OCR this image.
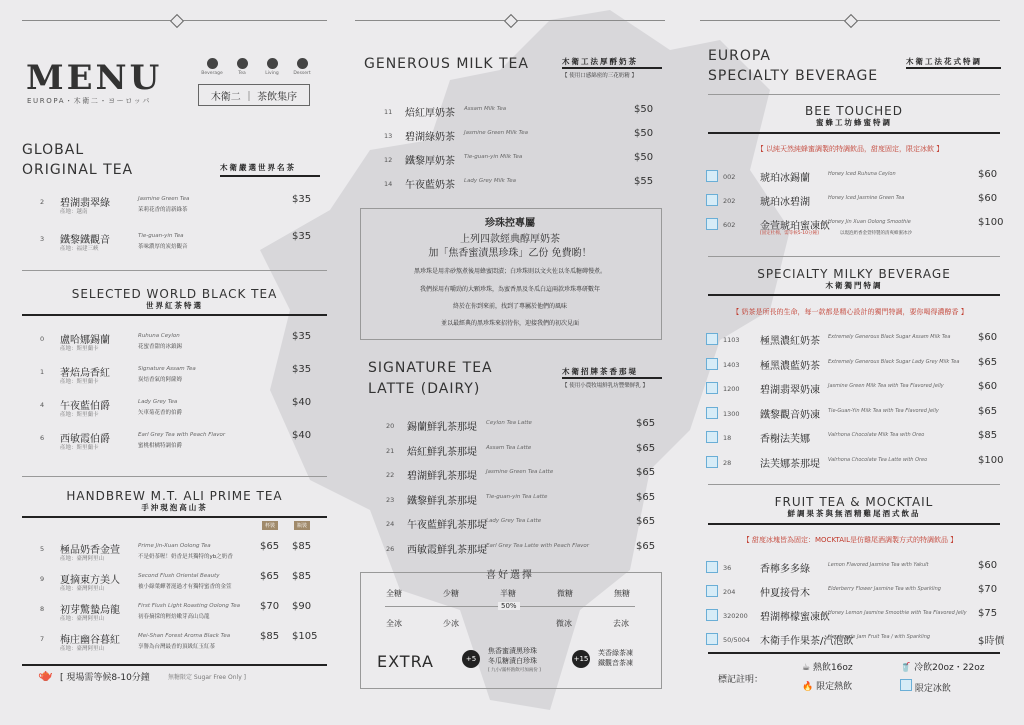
MENU
EUROPA・木衛二・ヨーロッパ
Beverage	Tea	Living	Dessert
木衛二 ｜ 茶飲集序
GLOBAL
ORIGINAL TEA	木衛嚴選世界名茶
2	碧湖翡翠綠
產地：越南
Jasmine Green Tea
茉莉花香的清新綠茶
$35
3	鐵黎鐵觀音
產地：福建三峽
Tie-guan-yin Tea
茶味濃厚的炭焙觀音
$35
SELECTED WORLD BLACK TEA
世界紅茶特選
0	盧哈娜錫蘭
產地：斯里蘭卡
Ruhuna Ceylon
花蜜香甜的冰鎮錫
$35
1	著焙烏香紅
產地：斯里蘭卡
Signature Assam Tea
炭焙香氣的阿薩姆
$35
4	午夜藍伯爵
產地：斯里蘭卡
Lady Grey Tea
矢車菊花香的伯爵
$40
6	西敏霞伯爵
產地：斯里蘭卡
Earl Grey Tea with Peach Flavor
蜜桃柑橘特調伯爵
$40
HANDBREW M.T. ALI PRIME TEA
手沖現泡高山茶
杯裝	瓶裝
5	極品奶香金萱
產地：臺灣阿里山
Prime Jin-Xuan Oolong Tea
不是奶茶喔！奶香是其獨特的yb之奶香
$65 $85
9	夏摘東方美人
產地：臺灣阿里山
Second Flush Oriental Beauty
被小綠葉蟬著涎過才有獨特蜜香的金萱
$65 $85
8	初芽驚蟄烏龍
產地：臺灣阿里山
First Flush Light Roasting Oolong Tea
初春摘採的輕焙嫩芽高山烏龍
$70 $90
7	梅庄幽谷暮紅
產地：臺灣阿里山
Mei-Shan Forest Aroma Black Tea
享譽為台灣最香的頂級紅玉紅茶
$85 $105
🫖 [ 現場需等候8-10分鐘	無糖限定 Sugar Free Only ]
GENEROUS MILK TEA	木衛工法厚酹奶茶
【 使用口感綿密的三花奶精 】
11	焙紅厚奶茶 Assam Milk Tea	$50
13	碧湖綠奶茶 Jasmine Green Milk Tea	$50
12	鐵黎厚奶茶 Tie-guan-yin Milk Tea	$50
14	午夜藍奶茶 Lady Grey Milk Tea	$55
珍珠控專屬
上列四款經典醇厚奶茶
加「焦香蜜漬黑珍珠」乙份 免費喲！
黑珍珠是用赤砂熬煮後用蜂蜜悶漬；白珍珠則以文火佐以冬瓜糖磚慢煮。
我們採用有嚼勁的大顆珍珠，為蜜香黑及冬瓜白這兩款珍珠專研數年
終於在你到來前，找到了專屬於他們的風味
並以最經典的黑珍珠來招待你，迎接我們的初次見面
SIGNATURE TEA
LATTE (DAIRY)
木衛招牌茶香那堤
【 使用小農牧場鮮乳坊豐樂鮮乳 】
20	錫蘭鮮乳茶那堤 Ceylon Tea Latte	$65
21	焙紅鮮乳茶那堤 Assam Tea Latte	$65
22	碧湖鮮乳茶那堤 Jasmine Green Tea Latte	$65
23	鐵黎鮮乳茶那堤 Tie-guan-yin Tea Latte	$65
24	午夜藍鮮乳茶那堤 Lady Grey Tea Latte	$65
26	西敏霞鮮乳茶那堤 Earl Grey Tea Latte with Peach Flavor	$65
喜好選擇
全糖	少糖	半糖	微糖	無糖
50%
全冰	少冰	微冰	去冰
EXTRA	+5
焦香蜜漬黑珍珠
冬瓜糖漬白珍珠
[ 九小/滿杯熱飲可加兩份 ]
+15
芙香綠茶凍
鐵觀音茶凍
EUROPA
SPECIALTY BEVERAGE
木衛工法花式特調
BEE TOUCHED
蜜蜂工坊蜂蜜特調
【 以純天然純蜂蜜調製的特調飲品，甜度固定，限定冰飲 】
002	琥珀冰錫蘭	Honey Iced Ruhuna Ceylon	$60
202	琥珀冰碧湖	Honey Iced Jasmine Green Tea	$60
602	金萱琥珀蜜凍飲
Honey Jin Xuan Oolong Smoothie
[固定杜棉，需等候5-10分鐘]	以現泡奶香金萱特製的清爽蜂蜜冰沙
$100
SPECIALTY MILKY BEVERAGE
木衛獨門特調
【 奶茶是所長的生命，每一款都是精心設計的獨門特調，要你喝得濃醇香 】
1103	極黑濃紅奶茶 Extremely Generous Black Sugar Assam Milk Tea	$60
1403	極黑濃藍奶茶 Extremely Generous Black Sugar Lady Grey Milk Tea $65
1200	碧湖翡翠奶凍 Jasmine Green Milk Tea with Tea Flavored Jelly	$60
1300	鐵黎觀音奶凍 Tie-Guan-Yin Milk Tea with Tea Flavored Jelly	$65
18	香榭法芙娜	Valrhona Chocolate Milk Tea with Oreo	$85
28	法芙娜茶那堤 Valrhona Chocolate Tea Latte with Oreo	$100
FRUIT TEA & MOCKTAIL
鮮調果茶與無酒精雞尾酒式飲品
【 甜度冰塊皆為固定：MOCKTAIL是仿雞尾酒調製方式的特調飲品 】
36	香檸多多綠	Lemon Flavored Jasmine Tea with Yakult	$60
204	仲夏接骨木	Elderberry Flower Jasmine Tea with Sparkling	$70
320200 碧湖檸檬蜜凍飲
Honey Lemon Jasmine Smoothie with Tea Flavored Jelly $75
50/5004 木衛手作果茶/汽泡飲
Handmade Jam Fruit Tea / with Sparkling	$時價
標記註明：
☕ 熱飲16oz	🥤 冷飲20oz・22oz
🔥 限定熱飲	限定冰飲
